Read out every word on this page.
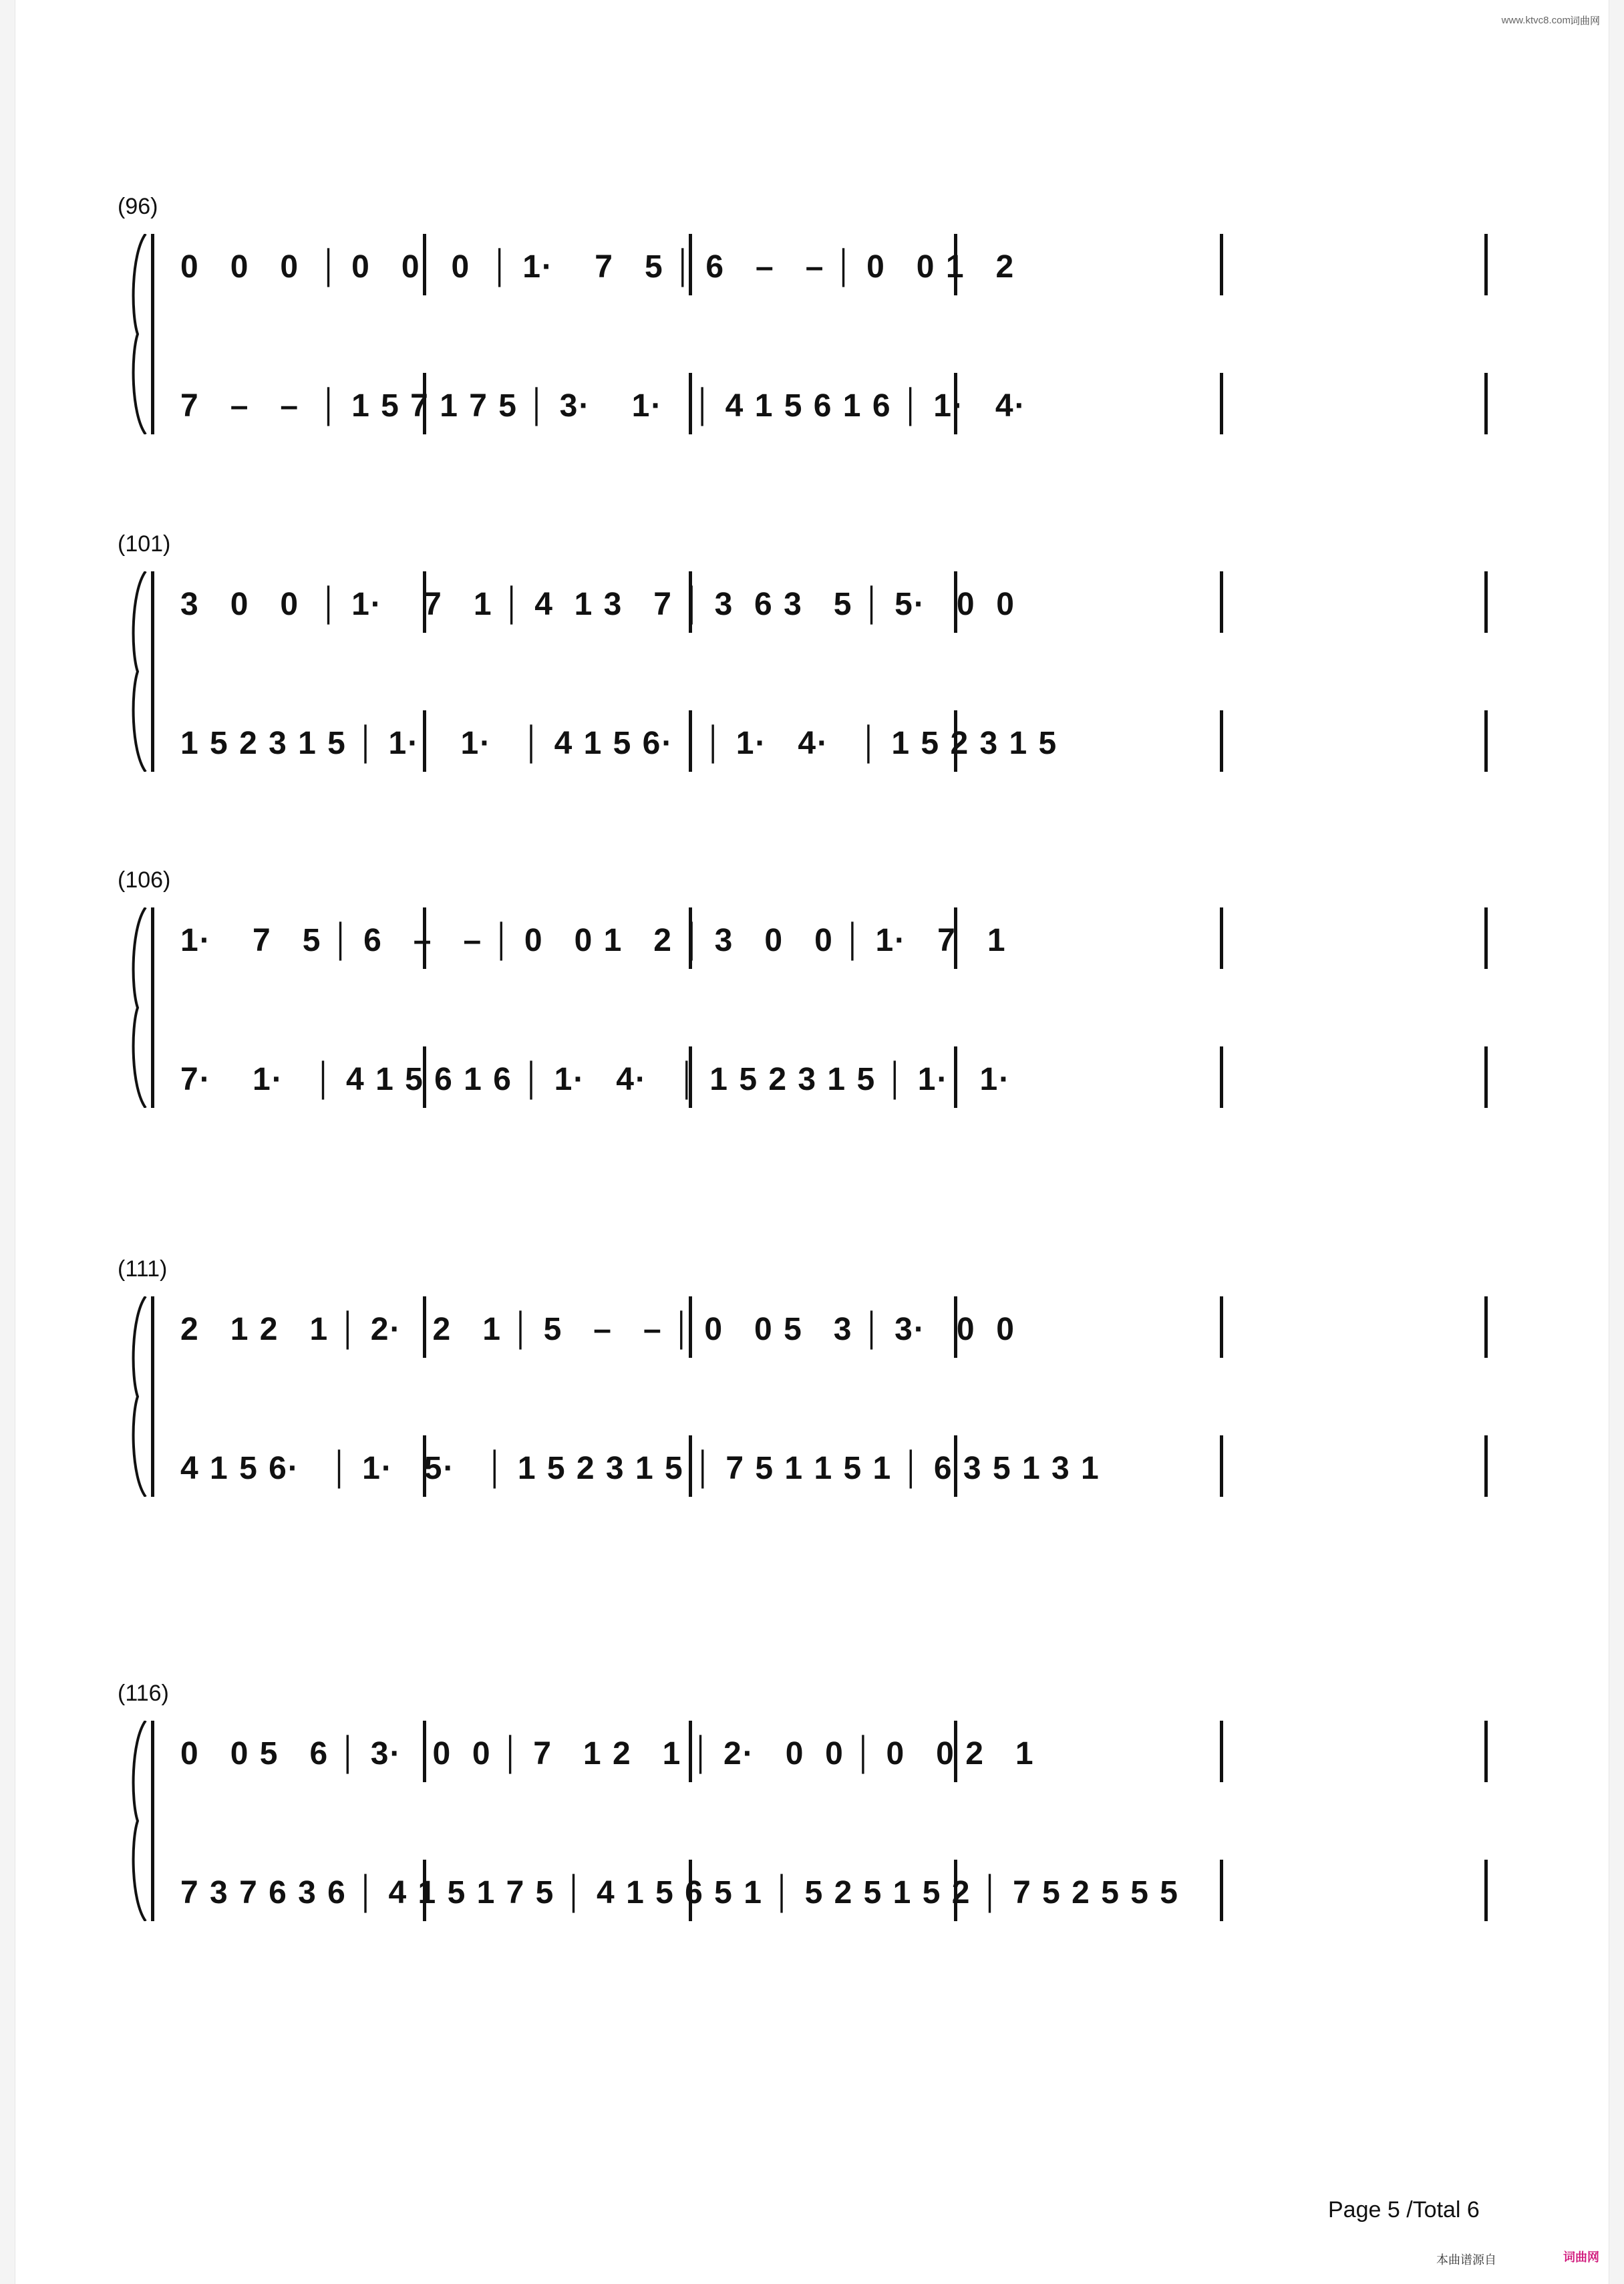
www.ktvc8.com
词曲网
(96)
0   0   0  │ 0   0   0  │ 1·    7   5 │ 6   –   – │ 0   0 1   2
7   –   –  │ 1 5 7 1 7 5 │ 3·    1·   │ 4 1 5 6 1 6 │ 1·   4·
(101)
3   0   0  │ 1·    7   1 │ 4  1 3   7 │ 3  6 3   5 │ 5·   0  0
1 5 2 3 1 5 │ 1·    1·   │ 4 1 5 6·   │ 1·   4·   │ 1 5 2 3 1 5
(106)
1·    7   5 │ 6   –   – │ 0   0 1   2 │ 3   0   0 │ 1·   7   1
7·    1·   │ 4 1 5 6 1 6 │ 1·   4·   │ 1 5 2 3 1 5 │ 1·   1·
(111)
2   1 2   1 │ 2·   2   1 │ 5   –   – │ 0   0 5   3 │ 3·   0  0
4 1 5 6·   │ 1·   5·   │ 1 5 2 3 1 5 │ 7 5 1 1 5 1 │ 6 3 5 1 3 1
(116)
0   0 5   6 │ 3·   0  0 │ 7   1 2   1 │ 2·   0  0 │ 0   0 2   1
7 3 7 6 3 6 │ 4 1 5 1 7 5 │ 4 1 5 6 5 1 │ 5 2 5 1 5 2 │ 7 5 2 5 5 5
Page 5 /Total 6
本曲谱源自	词曲网
